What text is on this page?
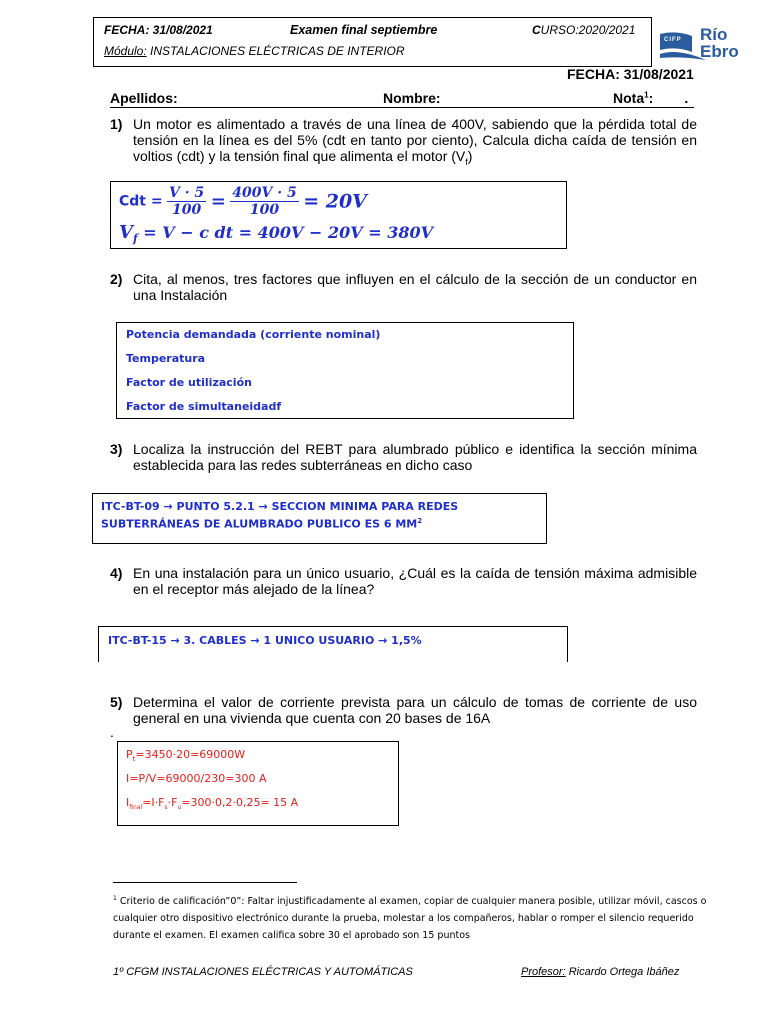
FECHA: 31/08/2021	Examen final septiembre	CURSO:2020/2021
Módulo: INSTALACIONES ELÉCTRICAS DE INTERIOR
CIFP Río
Ebro
FECHA: 31/08/2021
Apellidos:	Nombre:	Nota$^1$:        .
1) Un motor es alimentado a través de una línea de 400V, sabiendo que la pérdida total de tensión en la línea es del 5% (cdt en tanto por ciento), Calcula dicha caída de tensión en voltios (cdt) y la tensión final que alimenta el motor $(V_f)$
Cdt = $\frac{V \cdot 5}{100} = \frac{400V \cdot 5}{100} = 20V$
$V_f = V - c$ dt = 400V − 20V = 380V
2) Cita, al menos, tres factores que influyen en el cálculo de la sección de un conductor en una Instalación
Potencia demandada (corriente nominal)
Temperatura
Factor de utilización
Factor de simultaneidadf
3) Localiza la instrucción del REBT para alumbrado público e identifica la sección mínima establecida para las redes subterráneas en dicho caso
ITC-BT-09 → PUNTO 5.2.1 → SECCION MINIMA PARA REDES
SUBTERRÁNEAS DE ALUMBRADO PUBLICO ES 6 $MM^2$
4) En una instalación para un único usuario, ¿Cuál es la caída de tensión máxima admisible en el receptor más alejado de la línea?
ITC-BT-15 → 3. CABLES → 1 UNICO USUARIO → 1,5%
5) Determina el valor de corriente prevista para un cálculo de tomas de corriente de uso general en una vivienda que cuenta con 20 bases de 16A
.
$P_t=3450\cdot 20=69000W$
I=P/V=69000/230=300 A
$I_{final}=I\cdot F_s\cdot F_u=300\cdot 0,2\cdot 0,25= 15$ A
$^1$ Criterio de calificación”0”: Faltar injustificadamente al examen, copiar de cualquier manera posible, utilizar móvil, cascos o cualquier otro dispositivo electrónico durante la prueba, molestar a los compañeros, hablar o romper el silencio requerido durante el examen. El examen califica sobre 30 el aprobado son 15 puntos
1º CFGM INSTALACIONES ELÉCTRICAS Y AUTOMÁTICAS	Profesor: Ricardo Ortega Ibáñez
